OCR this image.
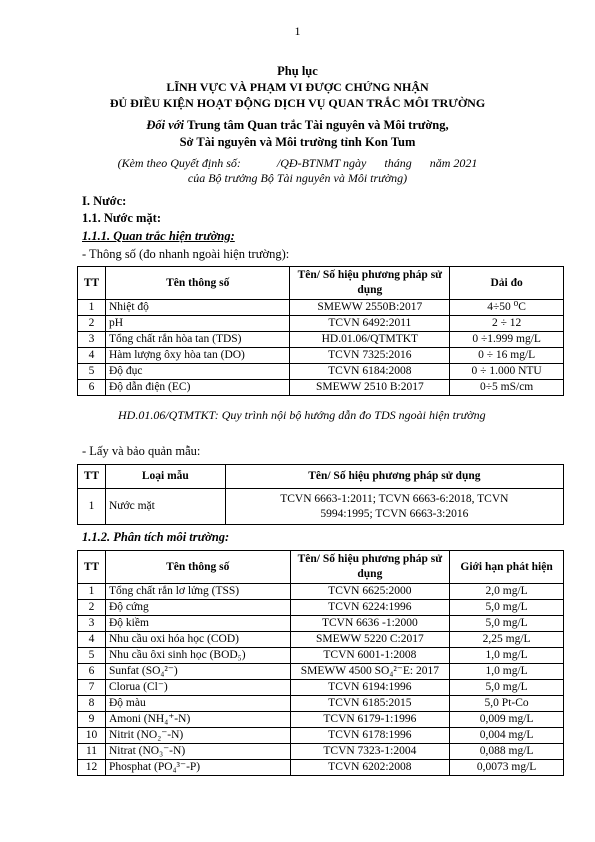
1
Phụ lục
LĨNH VỰC VÀ PHẠM VI ĐƯỢC CHỨNG NHẬN
ĐỦ ĐIỀU KIỆN HOẠT ĐỘNG DỊCH VỤ QUAN TRẮC MÔI TRƯỜNG
Đối với Trung tâm Quan trắc Tài nguyên và Môi trường,
Sở Tài nguyên và Môi trường tỉnh Kon Tum
(Kèm theo Quyết định số:            /QĐ-BTNMT ngày      tháng      năm 2021
của Bộ trưởng Bộ Tài nguyên và Môi trường)
I. Nước:
1.1. Nước mặt:
1.1.1. Quan trắc hiện trường:
- Thông số (đo nhanh ngoài hiện trường):
TT	Tên thông số	Tên/ Số hiệu phương pháp sử dụng	Dải đo
1	Nhiệt độ	SMEWW 2550B:2017	4÷50 ⁰C
2	pH	TCVN 6492:2011	2 ÷ 12
3	Tổng chất rắn hòa tan (TDS)	HD.01.06/QTMTKT	0 ÷1.999 mg/L
4	Hàm lượng ôxy hòa tan (DO)	TCVN 7325:2016	0 ÷ 16 mg/L
5	Độ đục	TCVN 6184:2008	0 ÷ 1.000 NTU
6	Độ dẫn điện (EC)	SMEWW 2510 B:2017	0÷5 mS/cm
HD.01.06/QTMTKT: Quy trình nội bộ hướng dẫn đo TDS ngoài hiện trường
- Lấy và bảo quản mẫu:
TT	Loại mẫu	Tên/ Số hiệu phương pháp sử dụng
1	Nước mặt	TCVN 6663-1:2011; TCVN 6663-6:2018, TCVN 5994:1995; TCVN 6663-3:2016
1.1.2. Phân tích môi trường:
TT	Tên thông số	Tên/ Số hiệu phương pháp sử dụng	Giới hạn phát hiện
1	Tổng chất rắn lơ lửng (TSS)	TCVN 6625:2000	2,0 mg/L
2	Độ cứng	TCVN 6224:1996	5,0 mg/L
3	Độ kiềm	TCVN 6636 -1:2000	5,0 mg/L
4	Nhu cầu oxi hóa học (COD)	SMEWW 5220 C:2017	2,25 mg/L
5	Nhu cầu ôxi sinh học (BOD₅)	TCVN 6001-1:2008	1,0 mg/L
6	Sunfat (SO₄²⁻)	SMEWW 4500 SO₄²⁻E: 2017	1,0 mg/L
7	Clorua (Cl⁻)	TCVN 6194:1996	5,0 mg/L
8	Độ màu	TCVN 6185:2015	5,0 Pt-Co
9	Amoni (NH₄⁺-N)	TCVN 6179-1:1996	0,009 mg/L
10	Nitrit (NO₂⁻-N)	TCVN 6178:1996	0,004 mg/L
11	Nitrat (NO₃⁻-N)	TCVN 7323-1:2004	0,088 mg/L
12	Phosphat (PO₄³⁻-P)	TCVN 6202:2008	0,0073 mg/L
